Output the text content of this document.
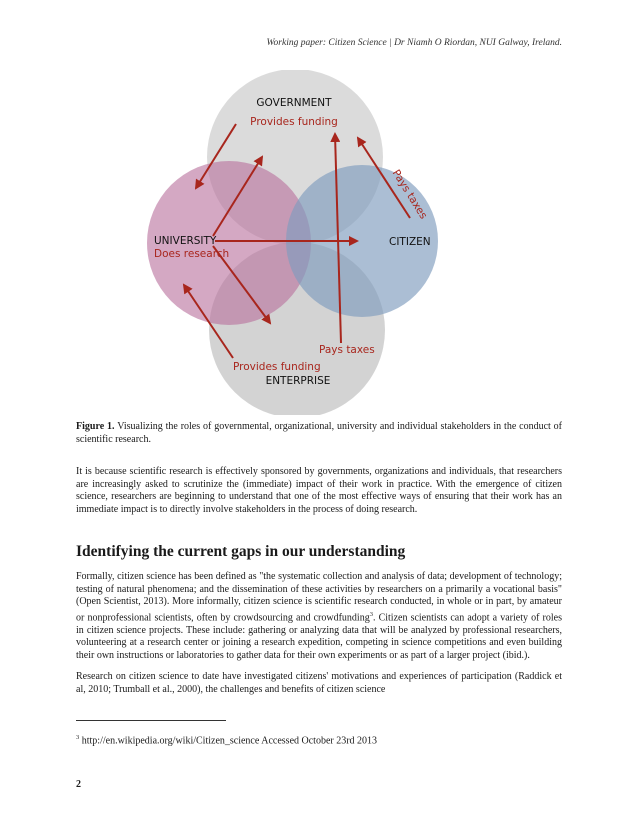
Working paper: Citizen Science | Dr Niamh O Riordan, NUI Galway, Ireland.
GOVERNMENT
Provides funding
UNIVERSITY
Does research
CITIZEN
ENTERPRISE
Pays taxes
Pays taxes
Provides funding
Figure 1. Visualizing the roles of governmental, organizational, university and individual stakeholders in the conduct of scientific research.

It is because scientific research is effectively sponsored by governments, organizations and individuals, that researchers are increasingly asked to scrutinize the (immediate) impact of their work in practice. With the emergence of citizen science, researchers are beginning to understand that one of the most effective ways of ensuring that their work has an immediate impact is to directly involve stakeholders in the process of doing research.

Identifying the current gaps in our understanding

Formally, citizen science has been defined as "the systematic collection and analysis of data; development of technology; testing of natural phenomena; and the dissemination of these activities by researchers on a primarily a vocational basis" (Open Scientist, 2013). More informally, citizen science is scientific research conducted, in whole or in part, by amateur or nonprofessional scientists, often by crowdsourcing and crowdfunding$^3$. Citizen scientists can adopt a variety of roles in citizen science projects. These include: gathering or analyzing data that will be analyzed by professional researchers, volunteering at a research center or joining a research expedition, competing in science competitions and even building their own instructions or laboratories to gather data for their own experiments or as part of a larger project (ibid.).

Research on citizen science to date have investigated citizens' motivations and experiences of participation (Raddick et al, 2010; Trumball et al., 2000), the challenges and benefits of citizen science

$^3$ http://en.wikipedia.org/wiki/Citizen_science Accessed October 23rd 2013
2
